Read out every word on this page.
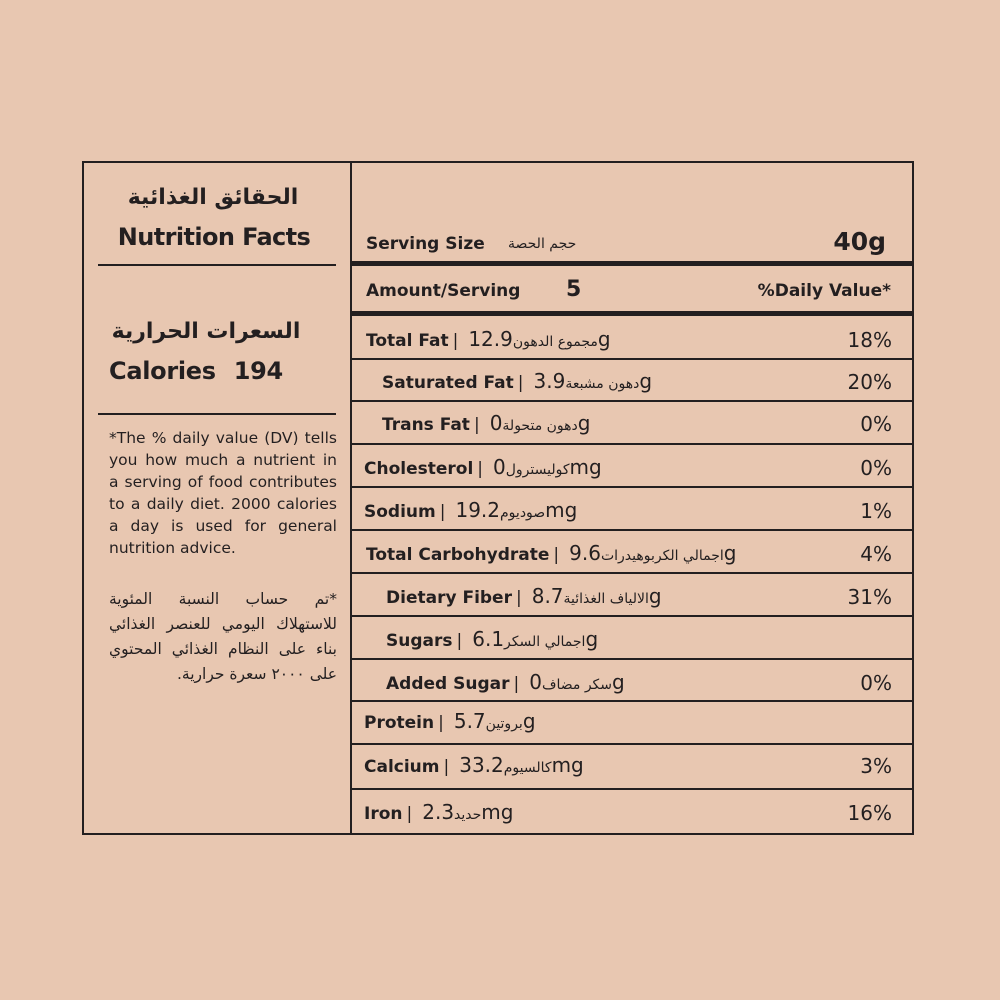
الحقائق الغذائية
Nutrition Facts
السعرات الحرارية
Calories 194
*The % daily value (DV) tells you how much a nutrient in a serving of food contributes to a daily diet. 2000 calories a day is used for general nutrition advice.
*تم حساب النسبة المئوية للاستهلاك اليومي للعنصر الغذائي بناء على النظام الغذائي المحتوي على ٢٠٠٠ سعرة حرارية.
Serving Size حجم الحصة	40g
Amount/Serving 5	%Daily Value*
Total Fat |	مجموع الدهون12.9g	18%
Saturated Fat |	دهون مشبعة3.9g	20%
Trans Fat | دهون متحولة0g	0%
Cholesterol | كوليسترول0mg	0%
Sodium |	صوديوم19.2mg	1%
Total Carbohydrate |	اجمالي الكربوهيدرات9.6g	4%
Dietary Fiber |	الالياف الغذائية8.7g	31%
Sugars |	اجمالي السكر6.1g
Added Sugar | سكر مضاف0g	0%
Protein |	بروتين5.7g
Calcium |	كالسيوم33.2mg	3%
Iron |	حديد2.3mg	16%
